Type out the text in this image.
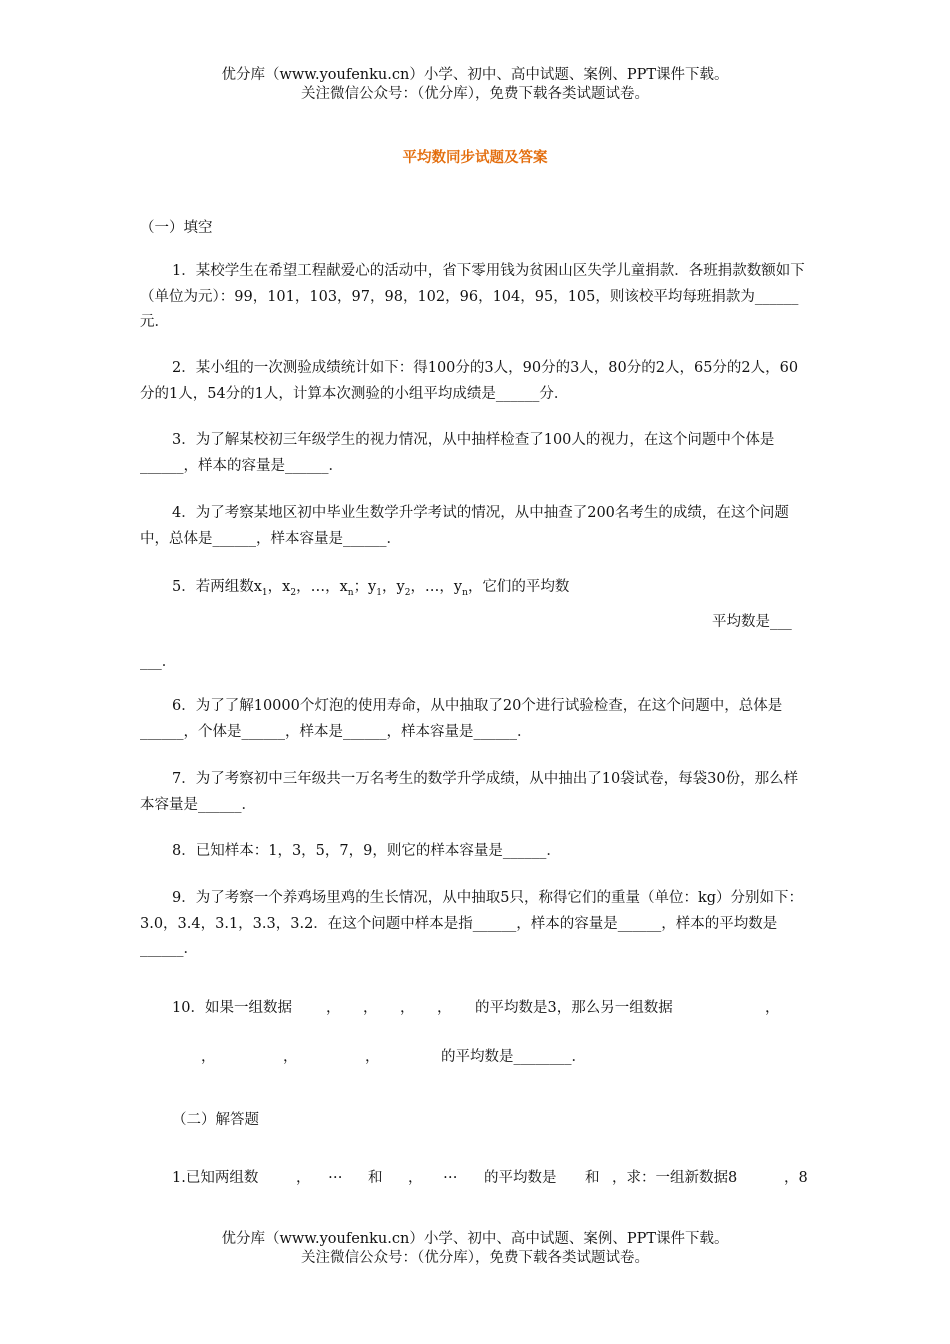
优分库（www.youfenku.cn）小学、初中、高中试题、案例、PPT课件下载。
关注微信公众号：（优分库），免费下载各类试题试卷。
平均数同步试题及答案
（一）填空

1．某校学生在希望工程献爱心的活动中，省下零用钱为贫困山区失学儿童捐款．各班捐款数额如下（单位为元）：99，101，103，97，98，102，96，104，95，105，则该校平均每班捐款为______元．

2．某小组的一次测验成绩统计如下：得100分的3人，90分的3人，80分的2人，65分的2人，60分的1人，54分的1人，计算本次测验的小组平均成绩是______分．

3．为了解某校初三年级学生的视力情况，从中抽样检查了100人的视力，在这个问题中个体是______，样本的容量是______．

4．为了考察某地区初中毕业生数学升学考试的情况，从中抽查了200名考生的成绩，在这个问题中，总体是______，样本容量是______．

5．若两组数$x_1$，$x_2$，…，$x_n$；$y_1$，$y_2$，…，$y_n$，它们的平均数
平均数是___
___．

6．为了了解10000个灯泡的使用寿命，从中抽取了20个进行试验检查，在这个问题中，总体是______，个体是______，样本是______，样本容量是______．

7．为了考察初中三年级共一万名考生的数学升学成绩，从中抽出了10袋试卷，每袋30份，那么样本容量是______．

8．已知样本：1，3，5，7，9，则它的样本容量是______．

9．为了考察一个养鸡场里鸡的生长情况，从中抽取5只，称得它们的重量（单位：kg）分别如下：3.0，3.4，3.1，3.3，3.2．在这个问题中样本是指______，样本的容量是______，样本的平均数是______．

10．如果一组数据 ， ， ， ， 的平均数是3，那么另一组数据	，
，	，	，	的平均数是________．
（二）解答题
1.已知两组数	， … 和 ， … 的平均数是 和 ，求：一组新数据8	，8
优分库（www.youfenku.cn）小学、初中、高中试题、案例、PPT课件下载。
关注微信公众号：（优分库），免费下载各类试题试卷。
